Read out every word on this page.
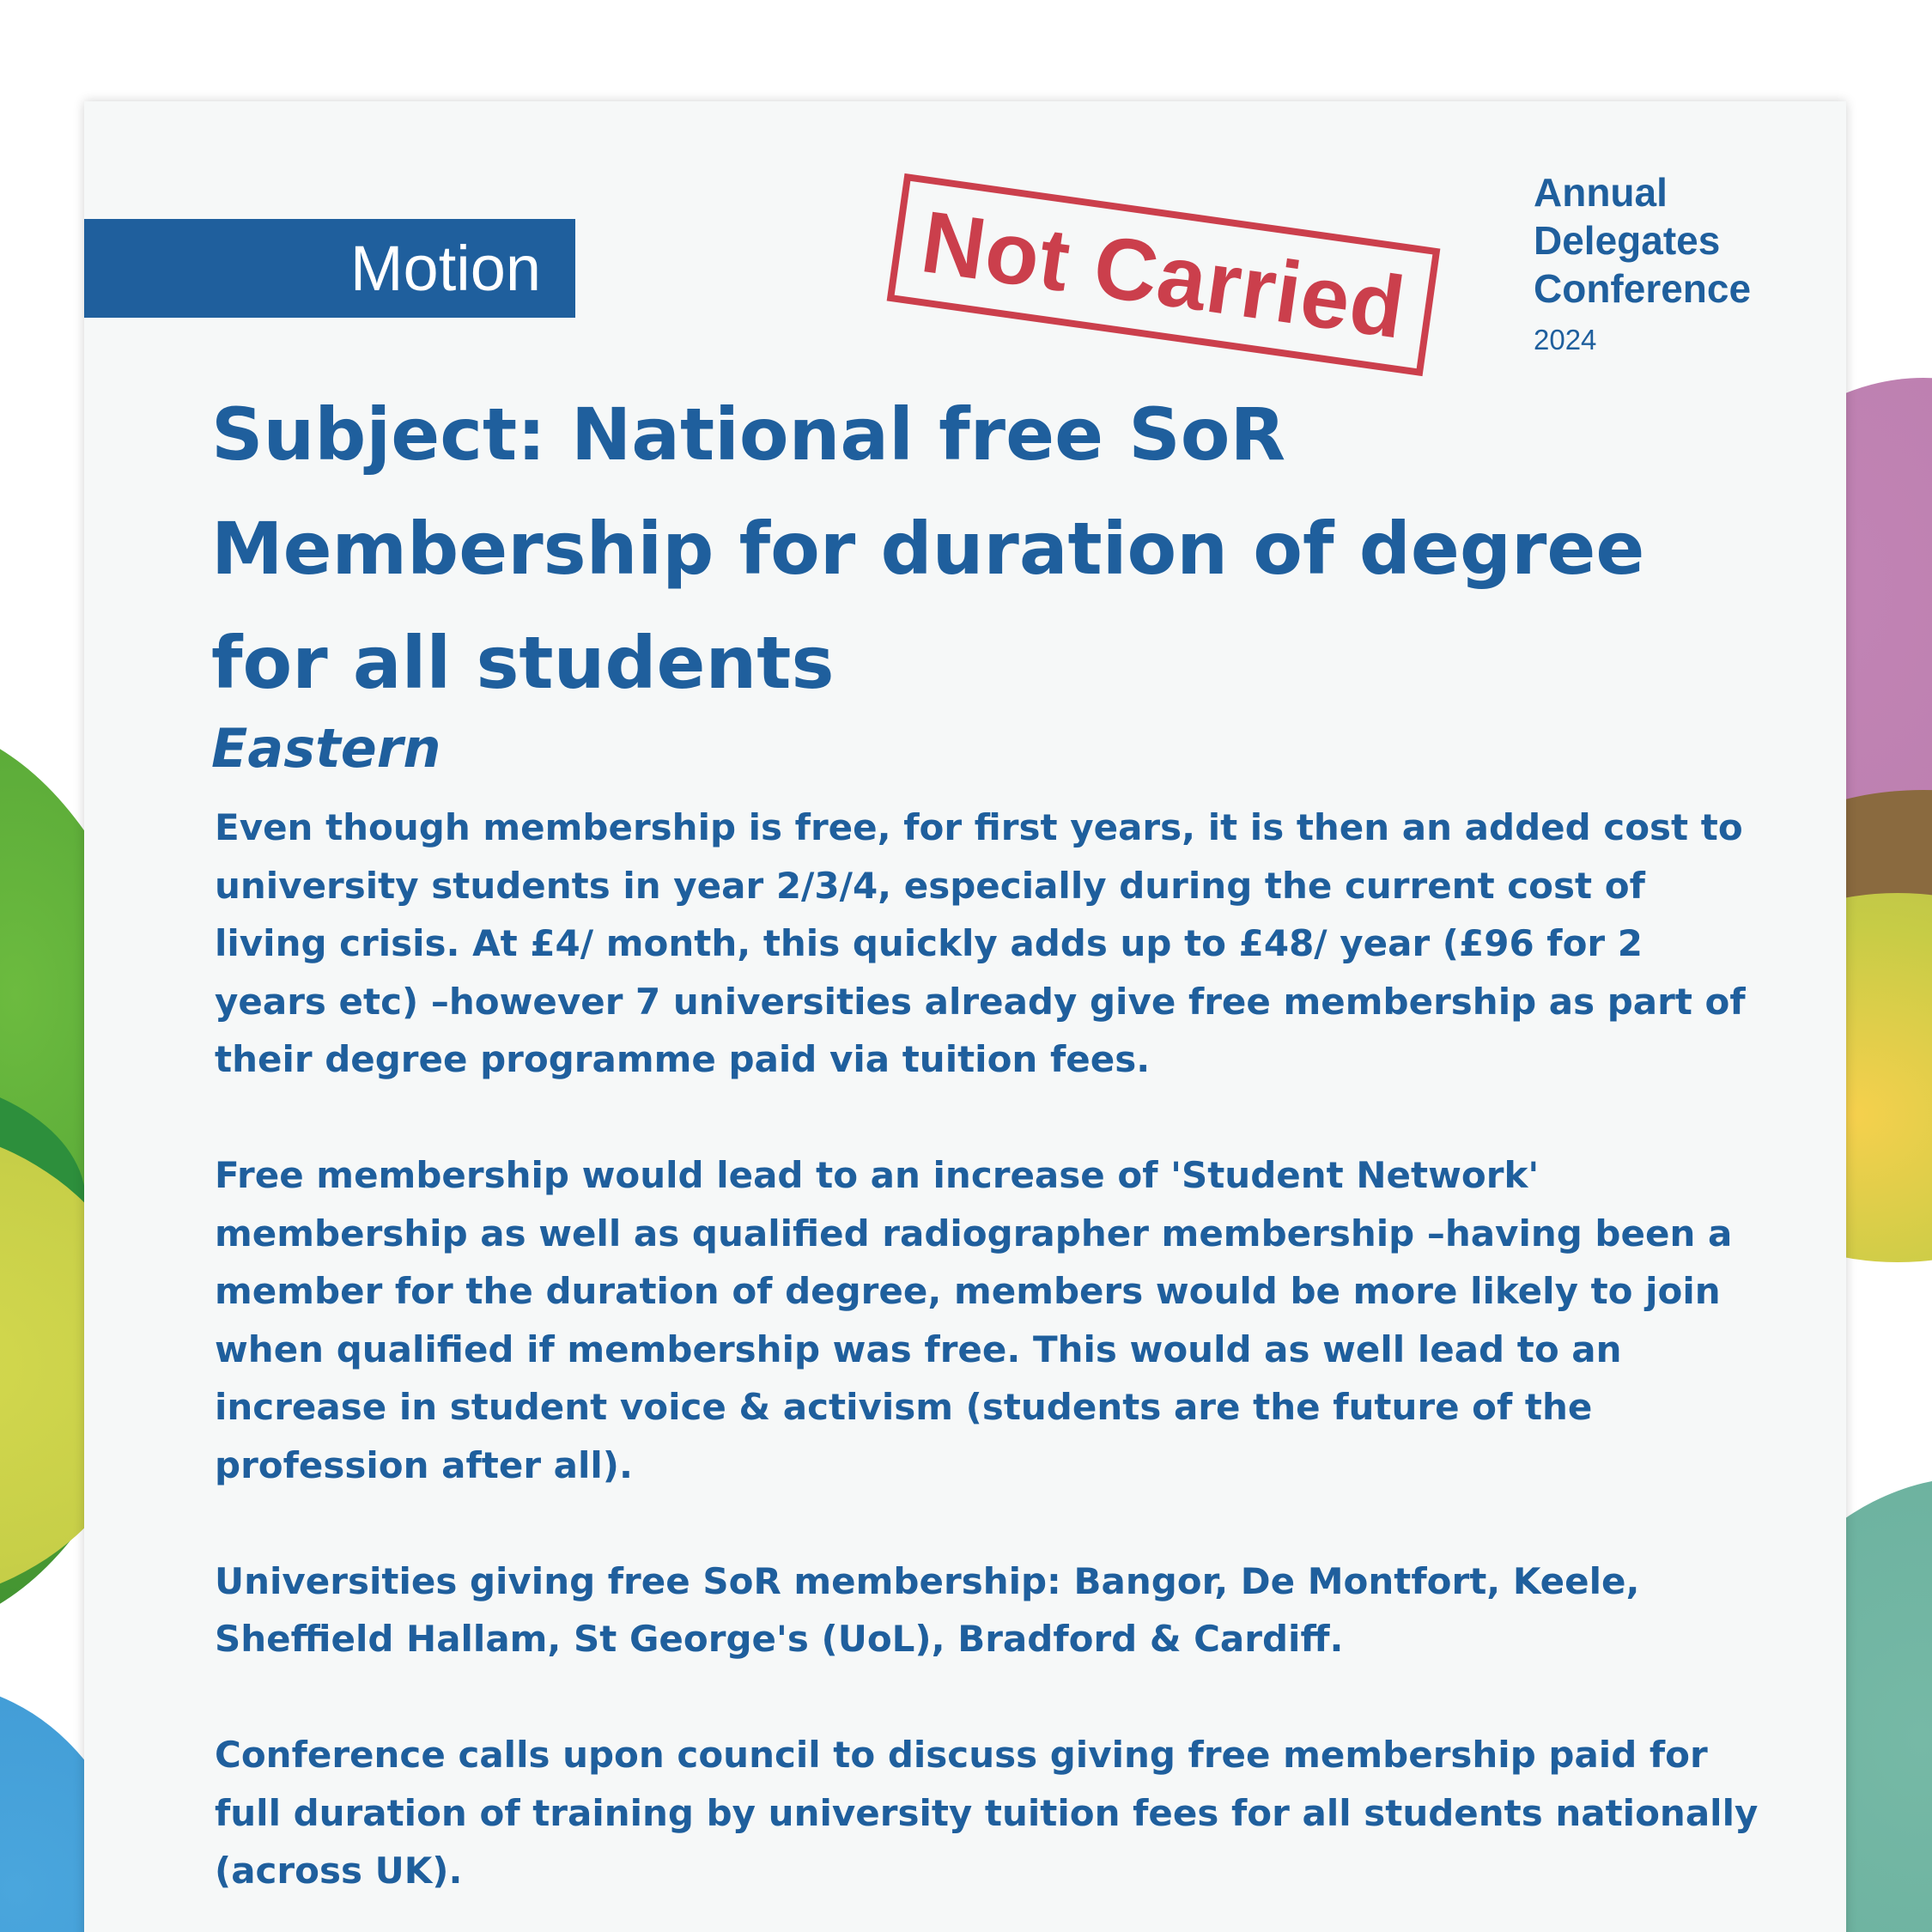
Motion	Not Carried
Annual
Delegates
Conference
2024
Subject: National free SoR Membership for duration of degree for all students
Eastern

Even though membership is free, for first years, it is then an added cost to university students in year 2/3/4, especially during the current cost of living crisis. At £4/ month, this quickly adds up to £48/ year (£96 for 2 years etc) –however 7 universities already give free membership as part of their degree programme paid via tuition fees.

Free membership would lead to an increase of 'Student Network' membership as well as qualified radiographer membership –having been a member for the duration of degree, members would be more likely to join when qualified if membership was free. This would as well lead to an increase in student voice & activism (students are the future of the profession after all).

Universities giving free SoR membership: Bangor, De Montfort, Keele, Sheffield Hallam, St George's (UoL), Bradford & Cardiff.

Conference calls upon council to discuss giving free membership paid for full duration of training by university tuition fees for all students nationally (across UK).
